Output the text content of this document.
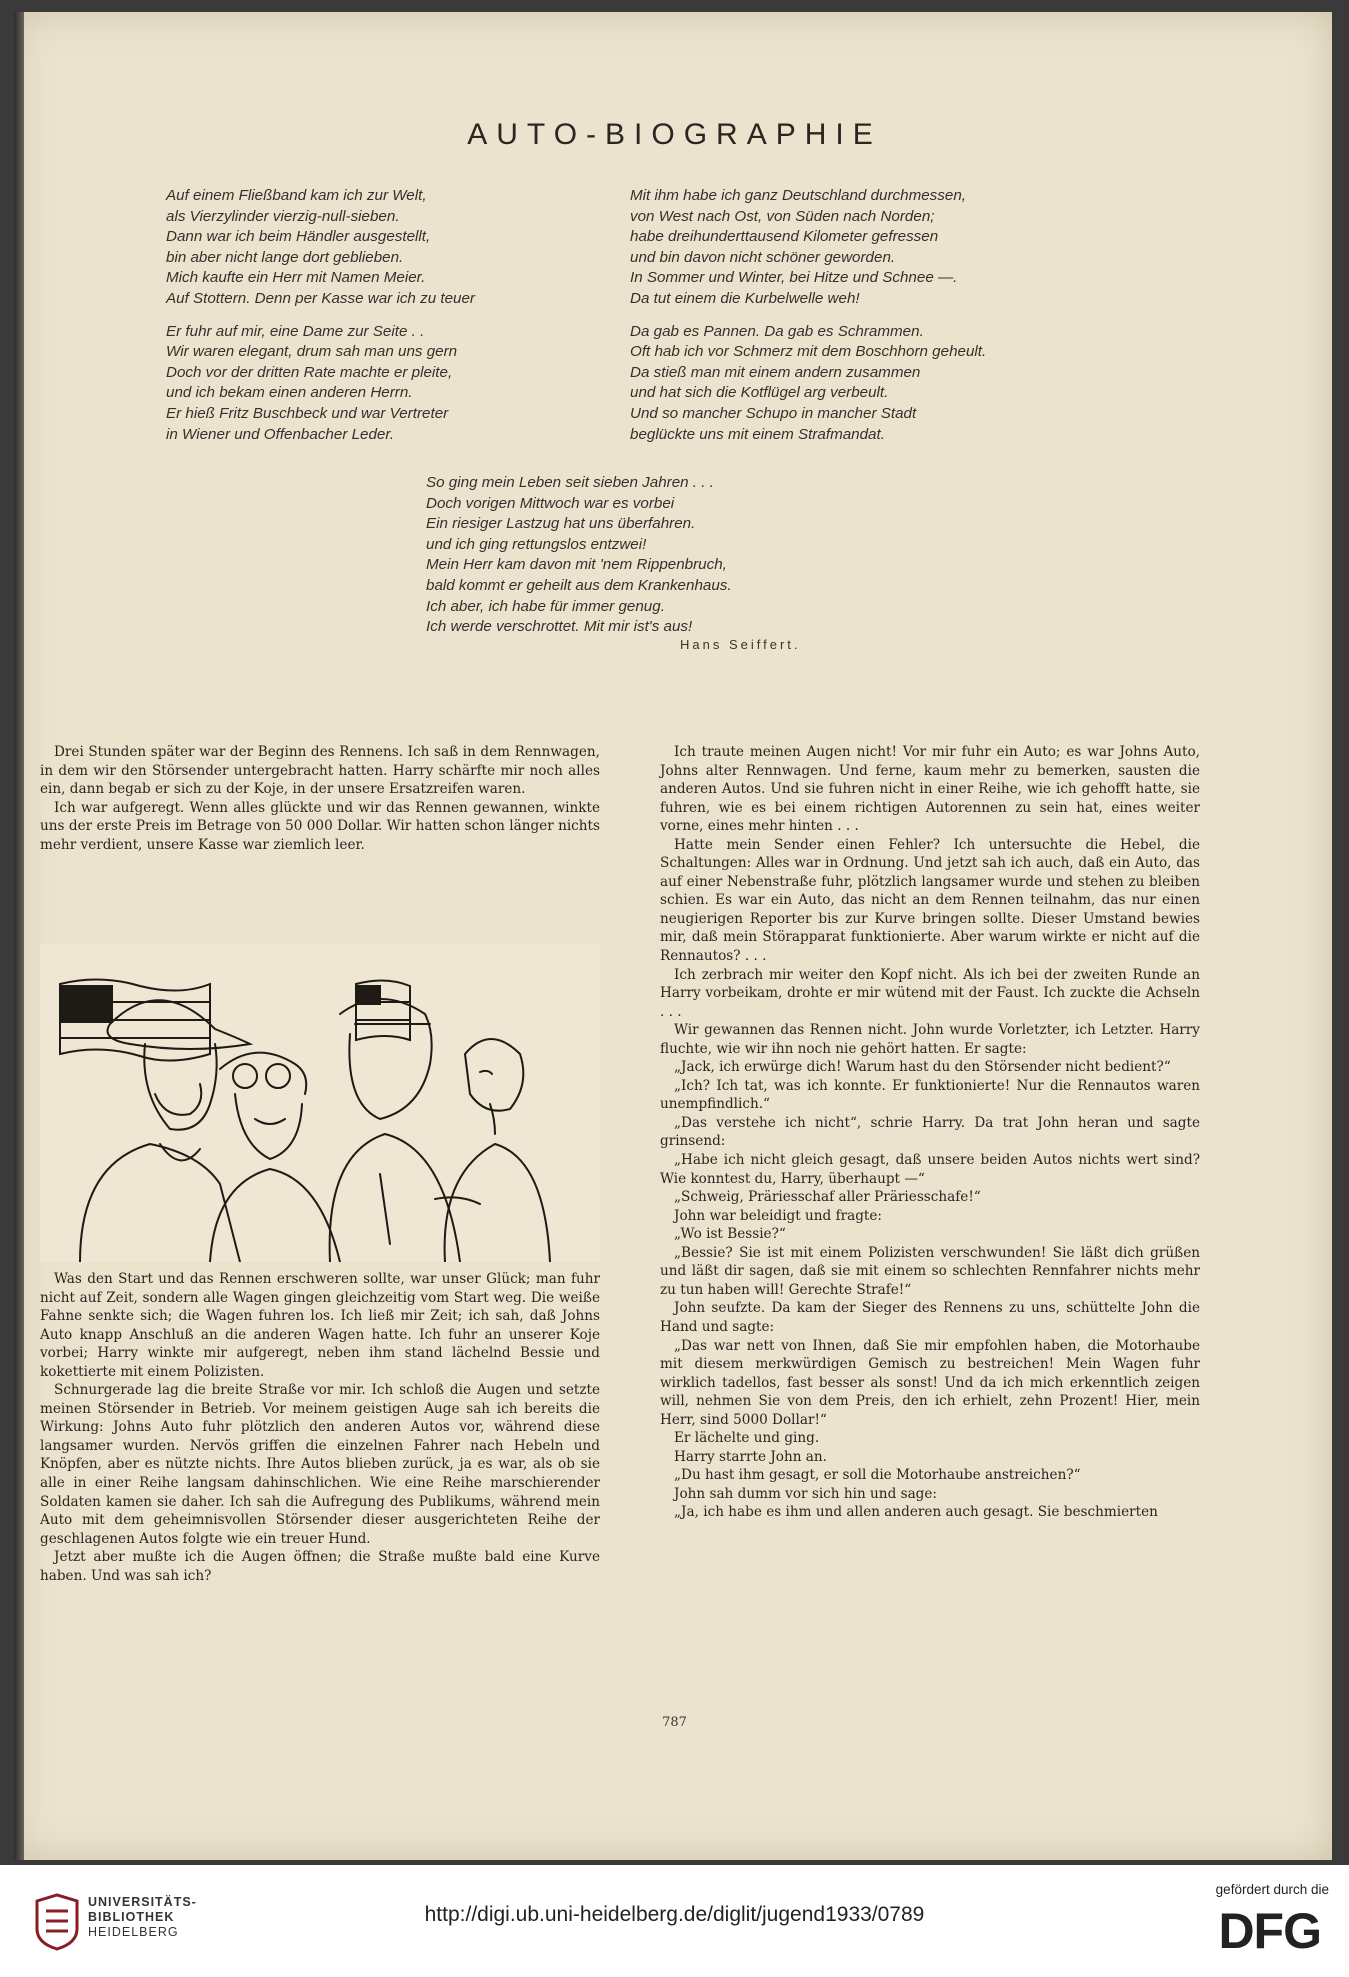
AUTO-BIOGRAPHIE
Auf einem Fließband kam ich zur Welt,
als Vierzylinder vierzig-null-sieben.
Dann war ich beim Händler ausgestellt,
bin aber nicht lange dort geblieben.
Mich kaufte ein Herr mit Namen Meier.
Auf Stottern. Denn per Kasse war ich zu teuer
Er fuhr auf mir, eine Dame zur Seite . .
Wir waren elegant, drum sah man uns gern
Doch vor der dritten Rate machte er pleite,
und ich bekam einen anderen Herrn.
Er hieß Fritz Buschbeck und war Vertreter
in Wiener und Offenbacher Leder.
Mit ihm habe ich ganz Deutschland durchmessen,
von West nach Ost, von Süden nach Norden;
habe dreihunderttausend Kilometer gefressen
und bin davon nicht schöner geworden.
In Sommer und Winter, bei Hitze und Schnee —.
Da tut einem die Kurbelwelle weh!
Da gab es Pannen. Da gab es Schrammen.
Oft hab ich vor Schmerz mit dem Boschhorn geheult.
Da stieß man mit einem andern zusammen
und hat sich die Kotflügel arg verbeult.
Und so mancher Schupo in mancher Stadt
beglückte uns mit einem Strafmandat.
So ging mein Leben seit sieben Jahren . . .
Doch vorigen Mittwoch war es vorbei
Ein riesiger Lastzug hat uns überfahren.
und ich ging rettungslos entzwei!
Mein Herr kam davon mit 'nem Rippenbruch,
bald kommt er geheilt aus dem Krankenhaus.
Ich aber, ich habe für immer genug.
Ich werde verschrottet. Mit mir ist's aus!
Hans Seiffert.

Drei Stunden später war der Beginn des Rennens. Ich saß in dem Rennwagen, in dem wir den Störsender untergebracht hatten. Harry schärfte mir noch alles ein, dann begab er sich zu der Koje, in der unsere Ersatzreifen waren.

Ich war aufgeregt. Wenn alles glückte und wir das Rennen gewannen, winkte uns der erste Preis im Betrage von 50 000 Dollar. Wir hatten schon länger nichts mehr verdient, unsere Kasse war ziemlich leer.

Was den Start und das Rennen erschweren sollte, war unser Glück; man fuhr nicht auf Zeit, sondern alle Wagen gingen gleichzeitig vom Start weg. Die weiße Fahne senkte sich; die Wagen fuhren los. Ich ließ mir Zeit; ich sah, daß Johns Auto knapp Anschluß an die anderen Wagen hatte. Ich fuhr an unserer Koje vorbei; Harry winkte mir aufgeregt, neben ihm stand lächelnd Bessie und kokettierte mit einem Polizisten.

Schnurgerade lag die breite Straße vor mir. Ich schloß die Augen und setzte meinen Störsender in Betrieb. Vor meinem geistigen Auge sah ich bereits die Wirkung: Johns Auto fuhr plötzlich den anderen Autos vor, während diese langsamer wurden. Nervös griffen die einzelnen Fahrer nach Hebeln und Knöpfen, aber es nützte nichts. Ihre Autos blieben zurück, ja es war, als ob sie alle in einer Reihe langsam dahinschlichen. Wie eine Reihe marschierender Soldaten kamen sie daher. Ich sah die Aufregung des Publikums, während mein Auto mit dem geheimnisvollen Störsender dieser ausgerichteten Reihe der geschlagenen Autos folgte wie ein treuer Hund.

Jetzt aber mußte ich die Augen öffnen; die Straße mußte bald eine Kurve haben. Und was sah ich?

Ich traute meinen Augen nicht! Vor mir fuhr ein Auto; es war Johns Auto, Johns alter Rennwagen. Und ferne, kaum mehr zu bemerken, sausten die anderen Autos. Und sie fuhren nicht in einer Reihe, wie ich gehofft hatte, sie fuhren, wie es bei einem richtigen Autorennen zu sein hat, eines weiter vorne, eines mehr hinten . . .

Hatte mein Sender einen Fehler? Ich untersuchte die Hebel, die Schaltungen: Alles war in Ordnung. Und jetzt sah ich auch, daß ein Auto, das auf einer Nebenstraße fuhr, plötzlich langsamer wurde und stehen zu bleiben schien. Es war ein Auto, das nicht an dem Rennen teilnahm, das nur einen neugierigen Reporter bis zur Kurve bringen sollte. Dieser Umstand bewies mir, daß mein Störapparat funktionierte. Aber warum wirkte er nicht auf die Rennautos? . . .

Ich zerbrach mir weiter den Kopf nicht. Als ich bei der zweiten Runde an Harry vorbeikam, drohte er mir wütend mit der Faust. Ich zuckte die Achseln . . .

Wir gewannen das Rennen nicht. John wurde Vorletzter, ich Letzter. Harry fluchte, wie wir ihn noch nie gehört hatten. Er sagte:

„Jack, ich erwürge dich! Warum hast du den Störsender nicht bedient?“

„Ich? Ich tat, was ich konnte. Er funktionierte! Nur die Rennautos waren unempfindlich.“

„Das verstehe ich nicht“, schrie Harry. Da trat John heran und sagte grinsend:

„Habe ich nicht gleich gesagt, daß unsere beiden Autos nichts wert sind? Wie konntest du, Harry, überhaupt —“

„Schweig, Präriesschaf aller Präriesschafe!“

John war beleidigt und fragte:

„Wo ist Bessie?“

„Bessie? Sie ist mit einem Polizisten verschwunden! Sie läßt dich grüßen und läßt dir sagen, daß sie mit einem so schlechten Rennfahrer nichts mehr zu tun haben will! Gerechte Strafe!“

John seufzte. Da kam der Sieger des Rennens zu uns, schüttelte John die Hand und sagte:

„Das war nett von Ihnen, daß Sie mir empfohlen haben, die Motorhaube mit diesem merkwürdigen Gemisch zu bestreichen! Mein Wagen fuhr wirklich tadellos, fast besser als sonst! Und da ich mich erkenntlich zeigen will, nehmen Sie von dem Preis, den ich erhielt, zehn Prozent! Hier, mein Herr, sind 5000 Dollar!“

Er lächelte und ging.

Harry starrte John an.

„Du hast ihm gesagt, er soll die Motorhaube anstreichen?“

John sah dumm vor sich hin und sage:

„Ja, ich habe es ihm und allen anderen auch gesagt. Sie beschmierten

787
UNIVERSITÄTS-
BIBLIOTHEK
HEIDELBERG
http://digi.ub.uni-heidelberg.de/diglit/jugend1933/0789
gefördert durch die
DFG
